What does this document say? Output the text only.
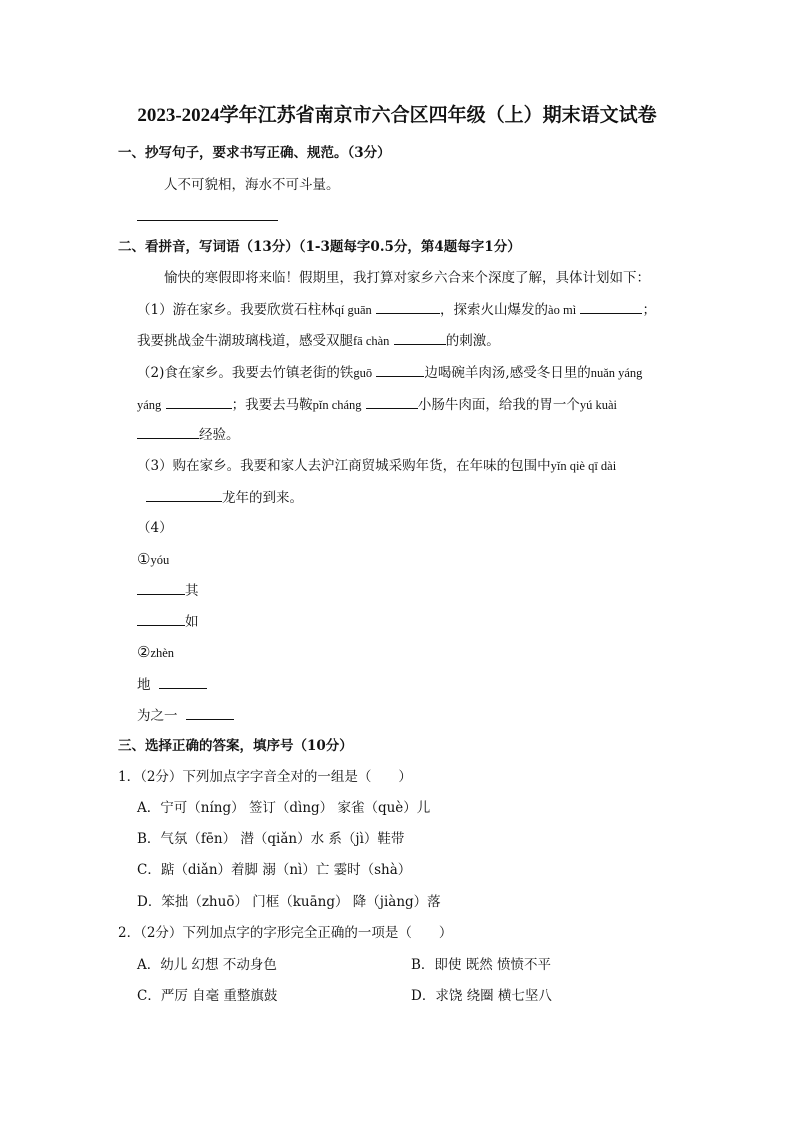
2023-2024学年江苏省南京市六合区四年级（上）期末语文试卷
一、抄写句子，要求书写正确、规范。（3分）
人不可貌相，海水不可斗量。
二、看拼音，写词语（13分）（1-3题每字0.5分，第4题每字1分）
愉快的寒假即将来临！假期里，我打算对家乡六合来个深度了解，具体计划如下：
（1）游在家乡。我要欣赏石柱林qí guān	，探索火山爆发的ào mì	；
我要挑战金牛湖玻璃栈道，感受双腿fā chàn	的刺激。
（2)食在家乡。我要去竹镇老街的铁guō	边喝碗羊肉汤,感受冬日里的nuǎn yáng
yáng	；我要去马鞍pǐn cháng	小肠牛肉面，给我的胃一个yú kuài
经验。
（3）购在家乡。我要和家人去沪江商贸城采购年货，在年味的包围中yǐn qiè qī dài
龙年的到来。
（4）
①yóu
其
如
②zhèn
地
为之一
三、选择正确的答案，填序号（10分）
1．（2分）下列加点字字音全对的一组是（　　）
A．宁可（níng） 签订（dìng） 家雀（què）儿
B．气氛（fēn） 潜（qiǎn）水 系（jì）鞋带
C．踮（diǎn）着脚 溺（nì）亡 霎时（shà）
D．笨拙（zhuō） 门框（kuāng） 降（jiàng）落
2．（2分）下列加点字的字形完全正确的一项是（　　）
A．幼儿 幻想 不动身色	B．即使 既然 愤愤不平
C．严厉 自毫 重整旗鼓	D．求饶 绕圈 横七坚八
